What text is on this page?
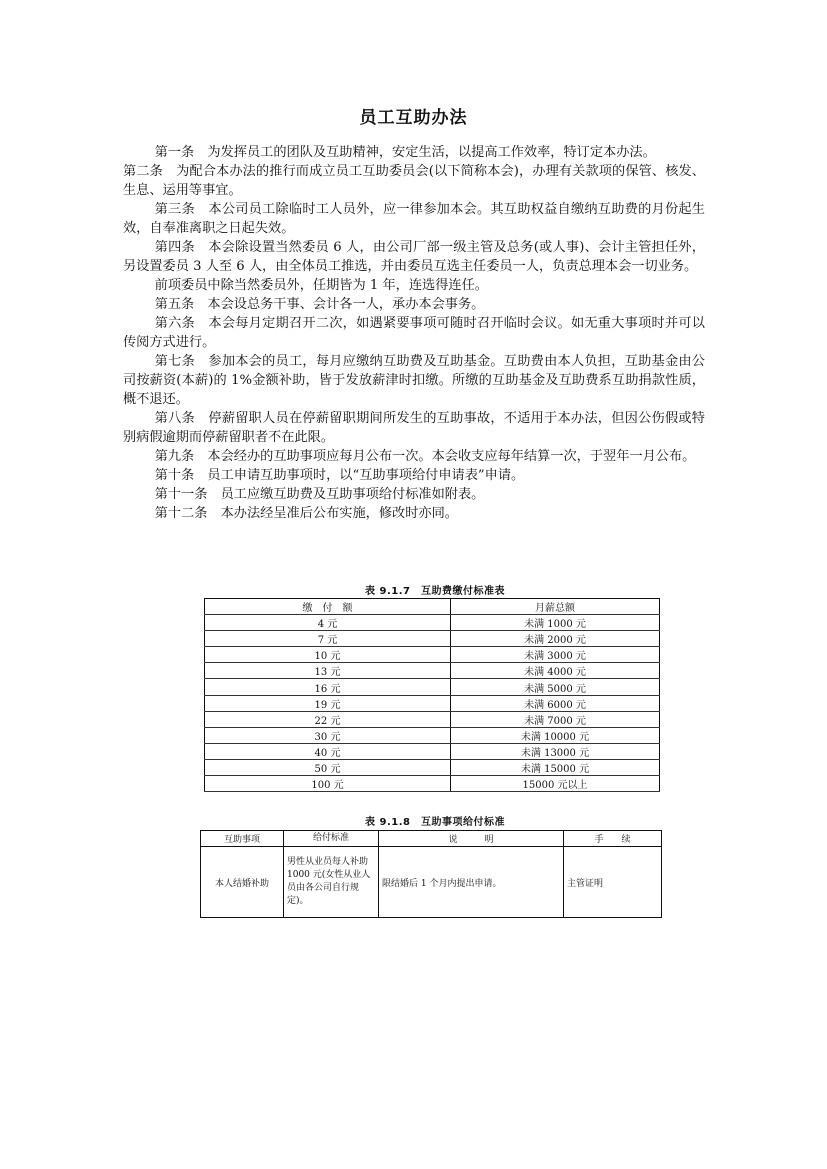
员工互助办法

第一条　为发挥员工的团队及互助精神，安定生活，以提高工作效率，特订定本办法。

第二条　为配合本办法的推行而成立员工互助委员会(以下简称本会)，办理有关款项的保管、核发、生息、运用等事宜。

第三条　本公司员工除临时工人员外，应一律参加本会。其互助权益自缴纳互助费的月份起生效，自奉准离职之日起失效。

第四条　本会除设置当然委员 6 人，由公司厂部一级主管及总务(或人事)、会计主管担任外，另设置委员 3 人至 6 人，由全体员工推选，并由委员互选主任委员一人，负责总理本会一切业务。

前项委员中除当然委员外，任期皆为 1 年，连选得连任。

第五条　本会设总务干事、会计各一人，承办本会事务。

第六条　本会每月定期召开二次，如遇紧要事项可随时召开临时会议。如无重大事项时并可以传阅方式进行。

第七条　参加本会的员工，每月应缴纳互助费及互助基金。互助费由本人负担，互助基金由公司按薪资(本薪)的 1%金额补助，皆于发放薪津时扣缴。所缴的互助基金及互助费系互助捐款性质，概不退还。

第八条　停薪留职人员在停薪留职期间所发生的互助事故，不适用于本办法，但因公伤假或特别病假逾期而停薪留职者不在此限。

第九条　本会经办的互助事项应每月公布一次。本会收支应每年结算一次，于翌年一月公布。

第十条　员工申请互助事项时，以“互助事项给付申请表”申请。

第十一条　员工应缴互助费及互助事项给付标准如附表。

第十二条　本办法经呈准后公布实施，修改时亦同。

表 9.1.7　互助费缴付标准表
缴　付　额	月薪总额
4 元	未满 1000 元
7 元	未满 2000 元
10 元	未满 3000 元
13 元	未满 4000 元
16 元	未满 5000 元
19 元	未满 6000 元
22 元	未满 7000 元
30 元	未满 10000 元
40 元	未满 13000 元
50 元	未满 15000 元
100 元	15000 元以上
表 9.1.8　互助事项给付标准
互助事项	给付标准	说　　　明	手　　续
本人结婚补助	男性从业员每人补助 1000 元(女性从业人员由各公司自行规定)。	限结婚后 1 个月内提出申请。	主管证明
